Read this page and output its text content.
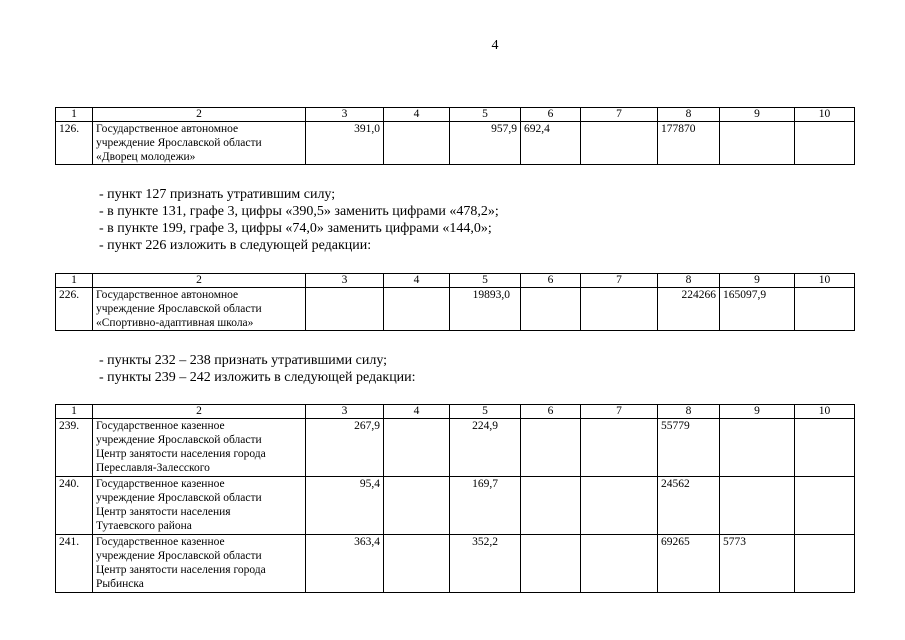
4
1	2	3	4	5	6	7	8	9	10
126.	Государственное автономное
учреждение Ярославской области
«Дворец молодежи»	391,0		957,9	692,4		177870		
- пункт 127 признать утратившим силу;
- в пункте 131, графе 3, цифры «390,5» заменить цифрами «478,2»;
- в пункте 199, графе 3, цифры «74,0» заменить цифрами «144,0»;
- пункт 226 изложить в следующей редакции:
1	2	3	4	5	6	7	8	9	10
226.	Государственное автономное
учреждение Ярославской области
«Спортивно-адаптивная школа»			19893,0			224266	165097,9	
- пункты 232 – 238 признать утратившими силу;
- пункты 239 – 242 изложить в следующей редакции:
1	2	3	4	5	6	7	8	9	10
239.	Государственное казенное
учреждение Ярославской области
Центр занятости населения города
Переславля-Залесского	267,9		224,9			55779		
240.	Государственное казенное
учреждение Ярославской области
Центр занятости населения
Тутаевского района	95,4		169,7			24562		
241.	Государственное казенное
учреждение Ярославской области
Центр занятости населения города
Рыбинска	363,4		352,2			69265	5773	
